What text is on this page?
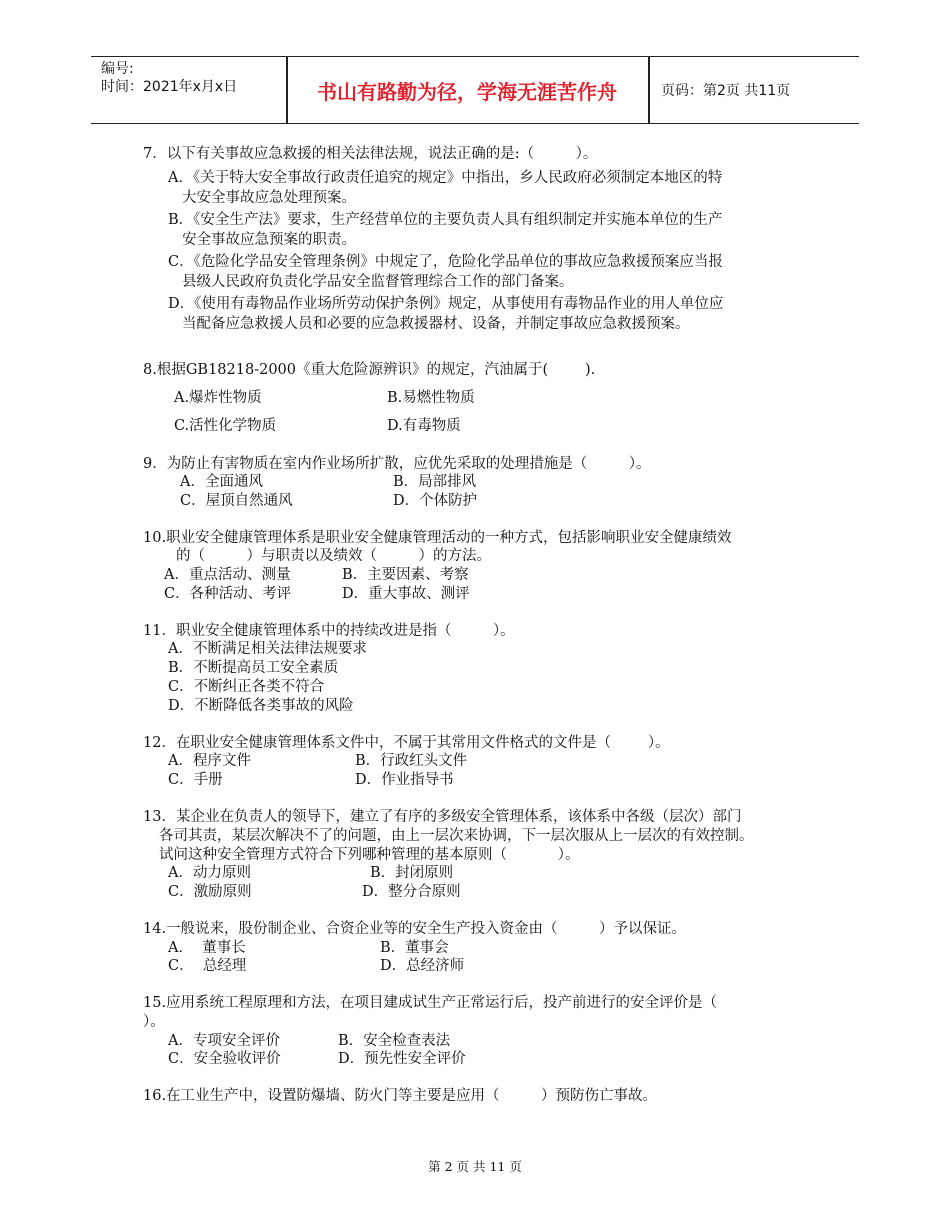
编号:
时间：2021年x月x日	书山有路勤为径，学海无涯苦作舟	页码：第2页 共11页
7．以下有关事故应急救援的相关法律法规，说法正确的是:（         ）。
A．《关于特大安全事故行政责任追究的规定》中指出，乡人民政府必须制定本地区的特
大安全事故应急处理预案。
B．《安全生产法》要求，生产经营单位的主要负责人具有组织制定并实施本单位的生产
安全事故应急预案的职责。
C．《危险化学品安全管理条例》中规定了，危险化学品单位的事故应急救援预案应当报
县级人民政府负责化学品安全监督管理综合工作的部门备案。
D．《使用有毒物品作业场所劳动保护条例》规定，从事使用有毒物品作业的用人单位应
当配备应急救援人员和必要的应急救援器材、设备，并制定事故应急救援预案。
8.根据GB18218-2000《重大危险源辨识》的规定，汽油属于(        ).
A.爆炸性物质	B.易燃性物质
C.活性化学物质	D.有毒物质
9．为防止有害物质在室内作业场所扩散，应优先采取的处理措施是（         ）。
A．全面通风	B．局部排风
C．屋顶自然通风	D．个体防护
10.职业安全健康管理体系是职业安全健康管理活动的一种方式，包括影响职业安全健康绩效
的（         ）与职责以及绩效（         ）的方法。
A．重点活动、测量	B．主要因素、考察
C．各种活动、考评	D．重大事故、测评
11．职业安全健康管理体系中的持续改进是指（         ）。
A．不断满足相关法律法规要求
B．不断提高员工安全素质
C．不断纠正各类不符合
D．不断降低各类事故的风险
12．在职业安全健康管理体系文件中，不属于其常用文件格式的文件是（        ）。
A．程序文件	B．行政红头文件
C．手册	D．作业指导书
13．某企业在负责人的领导下，建立了有序的多级安全管理体系，该体系中各级（层次）部门
各司其责，某层次解决不了的问题，由上一层次来协调，下一层次服从上一层次的有效控制。
试问这种安全管理方式符合下列哪种管理的基本原则（           ）。
A．动力原则	B．封闭原则
C．激励原则	D．整分合原则
14.一般说来，股份制企业、合资企业等的安全生产投入资金由（         ）予以保证。
A．  董事长	B．董事会
C．  总经理	D．总经济师
15.应用系统工程原理和方法，在项目建成试生产正常运行后，投产前进行的安全评价是（
）。
A．专项安全评价	B．安全检查表法
C．安全验收评价	D．预先性安全评价
16.在工业生产中，设置防爆墙、防火门等主要是应用（         ）预防伤亡事故。
第 2 页 共 11 页
